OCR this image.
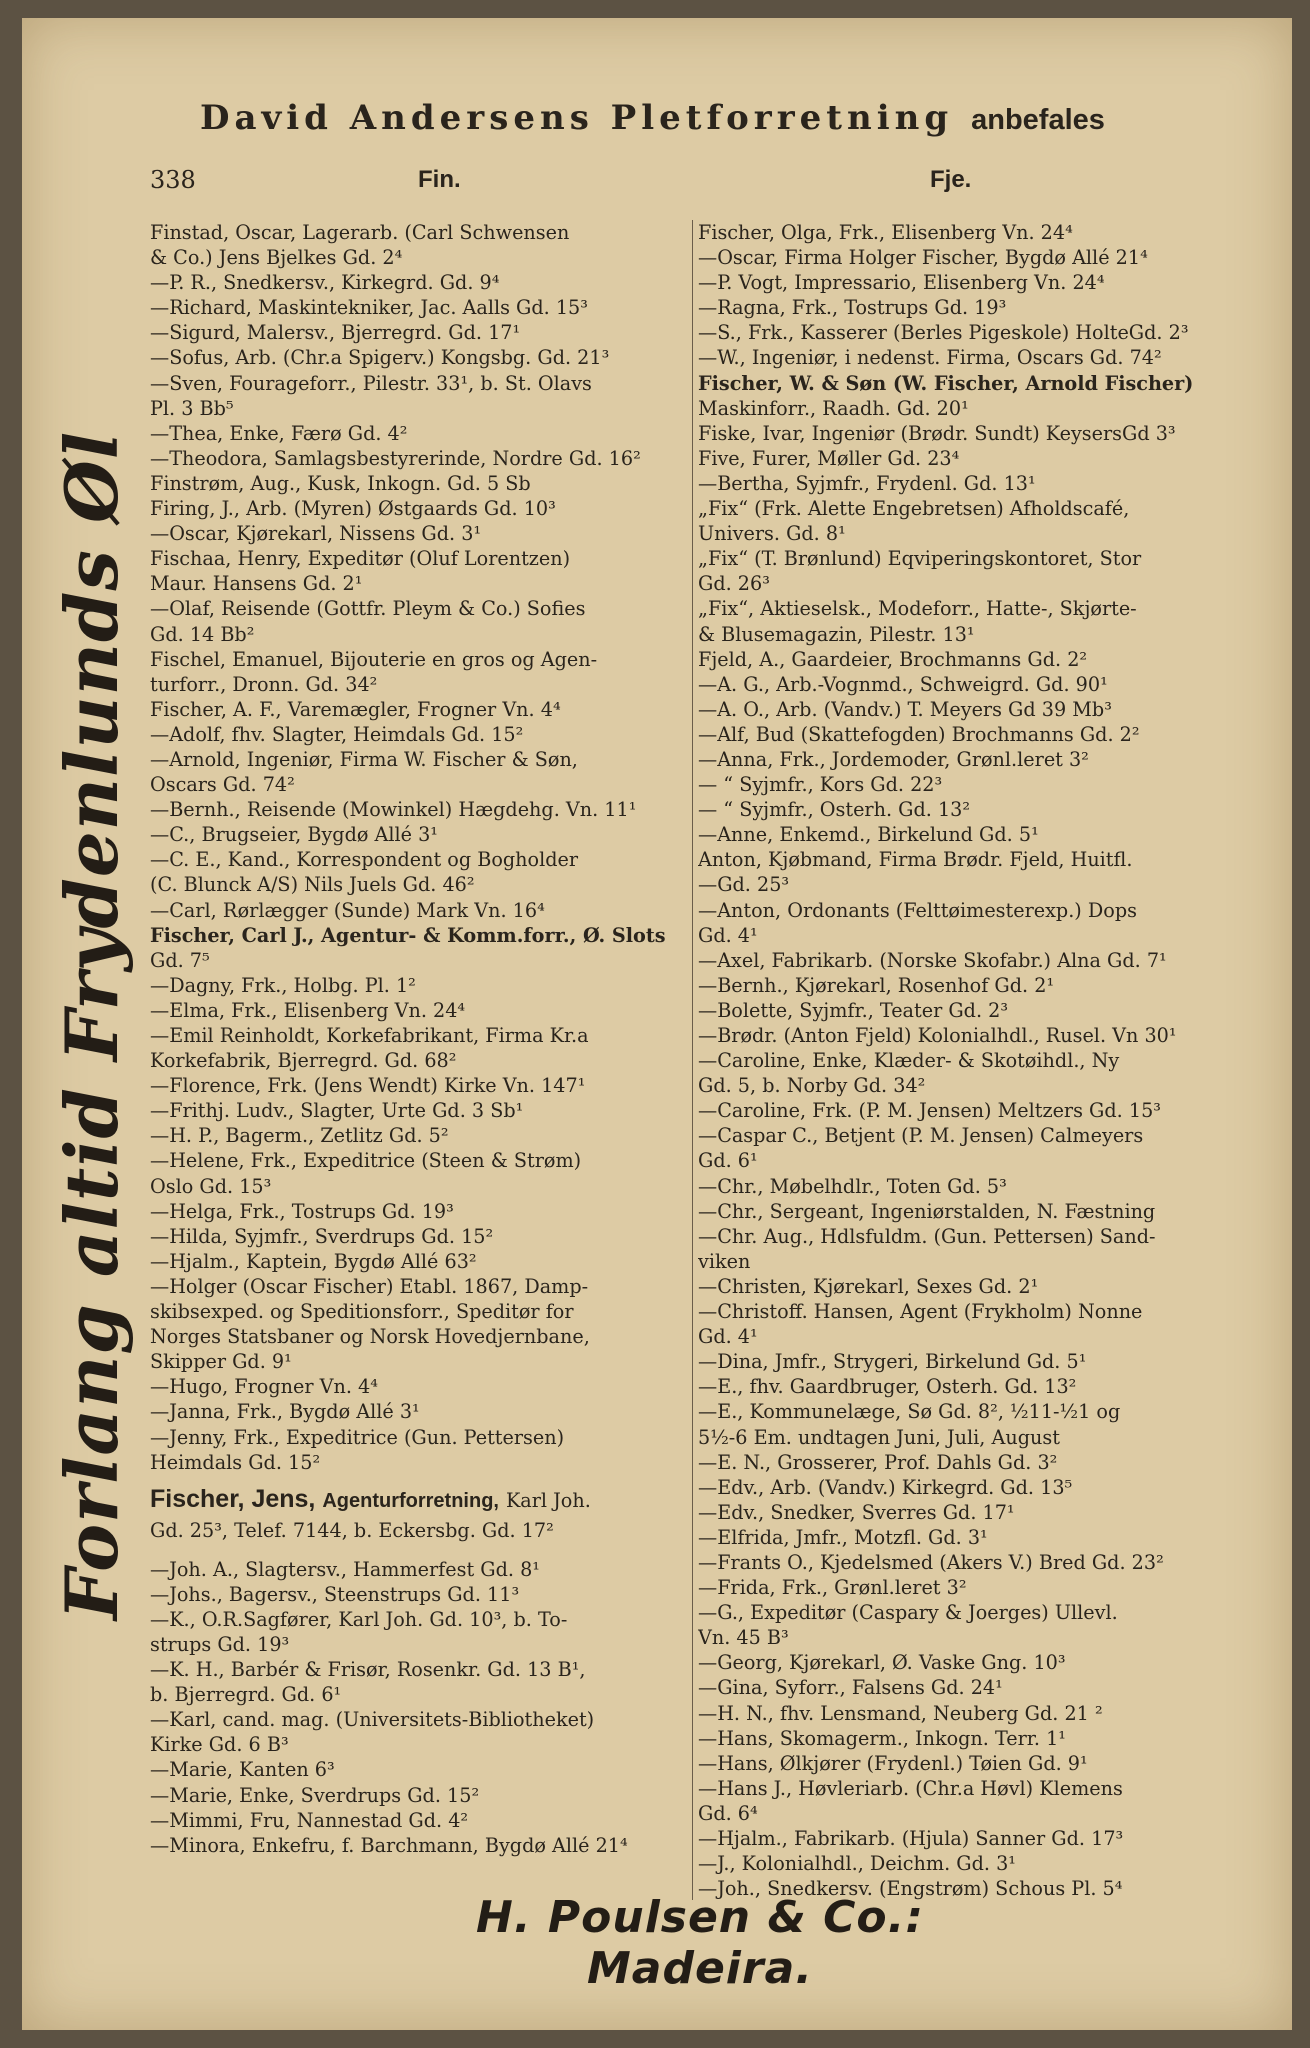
David Andersens Pletforretning anbefales
338	Fin.	Fje.
Forlang altid Frydenlunds Øl
Finstad, Oscar, Lagerarb. (Carl Schwensen
& Co.) Jens Bjelkes Gd. 2⁴
—P. R., Snedkersv., Kirkegrd. Gd. 9⁴
—Richard, Maskintekniker, Jac. Aalls Gd. 15³
—Sigurd, Malersv., Bjerregrd. Gd. 17¹
—Sofus, Arb. (Chr.a Spigerv.) Kongsbg. Gd. 21³
—Sven, Fourageforr., Pilestr. 33¹, b. St. Olavs
Pl. 3 Bb⁵
—Thea, Enke, Færø Gd. 4²
—Theodora, Samlagsbestyrerinde, Nordre Gd. 16²
Finstrøm, Aug., Kusk, Inkogn. Gd. 5 Sb
Firing, J., Arb. (Myren) Østgaards Gd. 10³
—Oscar, Kjørekarl, Nissens Gd. 3¹
Fischaa, Henry, Expeditør (Oluf Lorentzen)
Maur. Hansens Gd. 2¹
—Olaf, Reisende (Gottfr. Pleym & Co.) Sofies
Gd. 14 Bb²
Fischel, Emanuel, Bijouterie en gros og Agen-
turforr., Dronn. Gd. 34²
Fischer, A. F., Varemægler, Frogner Vn. 4⁴
—Adolf, fhv. Slagter, Heimdals Gd. 15²
—Arnold, Ingeniør, Firma W. Fischer & Søn,
Oscars Gd. 74²
—Bernh., Reisende (Mowinkel) Hægdehg. Vn. 11¹
—C., Brugseier, Bygdø Allé 3¹
—C. E., Kand., Korrespondent og Bogholder
(C. Blunck A/S) Nils Juels Gd. 46²
—Carl, Rørlægger (Sunde) Mark Vn. 16⁴
Fischer, Carl J., Agentur- & Komm.forr., Ø. Slots
Gd. 7⁵
—Dagny, Frk., Holbg. Pl. 1²
—Elma, Frk., Elisenberg Vn. 24⁴
—Emil Reinholdt, Korkefabrikant, Firma Kr.a
Korkefabrik, Bjerregrd. Gd. 68²
—Florence, Frk. (Jens Wendt) Kirke Vn. 147¹
—Frithj. Ludv., Slagter, Urte Gd. 3 Sb¹
—H. P., Bagerm., Zetlitz Gd. 5²
—Helene, Frk., Expeditrice (Steen & Strøm)
Oslo Gd. 15³
—Helga, Frk., Tostrups Gd. 19³
—Hilda, Syjmfr., Sverdrups Gd. 15²
—Hjalm., Kaptein, Bygdø Allé 63²
—Holger (Oscar Fischer) Etabl. 1867, Damp-
skibsexped. og Speditionsforr., Speditør for
Norges Statsbaner og Norsk Hovedjernbane,
Skipper Gd. 9¹
—Hugo, Frogner Vn. 4⁴
—Janna, Frk., Bygdø Allé 3¹
—Jenny, Frk., Expeditrice (Gun. Pettersen)
Heimdals Gd. 15²
Fischer, Jens, Agenturforretning, Karl Joh.
Gd. 25³, Telef. 7144, b. Eckersbg. Gd. 17²
—Joh. A., Slagtersv., Hammerfest Gd. 8¹
—Johs., Bagersv., Steenstrups Gd. 11³
—K., O.R.Sagfører, Karl Joh. Gd. 10³, b. To-
strups Gd. 19³
—K. H., Barbér & Frisør, Rosenkr. Gd. 13 B¹,
b. Bjerregrd. Gd. 6¹
—Karl, cand. mag. (Universitets-Bibliotheket)
Kirke Gd. 6 B³
—Marie, Kanten 6³
—Marie, Enke, Sverdrups Gd. 15²
—Mimmi, Fru, Nannestad Gd. 4²
—Minora, Enkefru, f. Barchmann, Bygdø Allé 21⁴
Fischer, Olga, Frk., Elisenberg Vn. 24⁴
—Oscar, Firma Holger Fischer, Bygdø Allé 21⁴
—P. Vogt, Impressario, Elisenberg Vn. 24⁴
—Ragna, Frk., Tostrups Gd. 19³
—S., Frk., Kasserer (Berles Pigeskole) HolteGd. 2³
—W., Ingeniør, i nedenst. Firma, Oscars Gd. 74²
Fischer, W. & Søn (W. Fischer, Arnold Fischer)
Maskinforr., Raadh. Gd. 20¹
Fiske, Ivar, Ingeniør (Brødr. Sundt) KeysersGd 3³
Five, Furer, Møller Gd. 23⁴
—Bertha, Syjmfr., Frydenl. Gd. 13¹
„Fix“ (Frk. Alette Engebretsen) Afholdscafé,
Univers. Gd. 8¹
„Fix“ (T. Brønlund) Eqviperingskontoret, Stor
Gd. 26³
„Fix“, Aktieselsk., Modeforr., Hatte-, Skjørte-
& Blusemagazin, Pilestr. 13¹
Fjeld, A., Gaardeier, Brochmanns Gd. 2²
—A. G., Arb.-Vognmd., Schweigrd. Gd. 90¹
—A. O., Arb. (Vandv.) T. Meyers Gd 39 Mb³
—Alf, Bud (Skattefogden) Brochmanns Gd. 2²
—Anna, Frk., Jordemoder, Grønl.leret 3²
— “ Syjmfr., Kors Gd. 22³
— “ Syjmfr., Osterh. Gd. 13²
—Anne, Enkemd., Birkelund Gd. 5¹
Anton, Kjøbmand, Firma Brødr. Fjeld, Huitfl.
—Gd. 25³
—Anton, Ordonants (Felttøimesterexp.) Dops
Gd. 4¹
—Axel, Fabrikarb. (Norske Skofabr.) Alna Gd. 7¹
—Bernh., Kjørekarl, Rosenhof Gd. 2¹
—Bolette, Syjmfr., Teater Gd. 2³
—Brødr. (Anton Fjeld) Kolonialhdl., Rusel. Vn 30¹
—Caroline, Enke, Klæder- & Skotøihdl., Ny
Gd. 5, b. Norby Gd. 34²
—Caroline, Frk. (P. M. Jensen) Meltzers Gd. 15³
—Caspar C., Betjent (P. M. Jensen) Calmeyers
Gd. 6¹
—Chr., Møbelhdlr., Toten Gd. 5³
—Chr., Sergeant, Ingeniørstalden, N. Fæstning
—Chr. Aug., Hdlsfuldm. (Gun. Pettersen) Sand-
viken
—Christen, Kjørekarl, Sexes Gd. 2¹
—Christoff. Hansen, Agent (Frykholm) Nonne
Gd. 4¹
—Dina, Jmfr., Strygeri, Birkelund Gd. 5¹
—E., fhv. Gaardbruger, Osterh. Gd. 13²
—E., Kommunelæge, Sø Gd. 8², ½11-½1 og
5½-6 Em. undtagen Juni, Juli, August
—E. N., Grosserer, Prof. Dahls Gd. 3²
—Edv., Arb. (Vandv.) Kirkegrd. Gd. 13⁵
—Edv., Snedker, Sverres Gd. 17¹
—Elfrida, Jmfr., Motzfl. Gd. 3¹
—Frants O., Kjedelsmed (Akers V.) Bred Gd. 23²
—Frida, Frk., Grønl.leret 3²
—G., Expeditør (Caspary & Joerges) Ullevl.
Vn. 45 B³
—Georg, Kjørekarl, Ø. Vaske Gng. 10³
—Gina, Syforr., Falsens Gd. 24¹
—H. N., fhv. Lensmand, Neuberg Gd. 21 ²
—Hans, Skomagerm., Inkogn. Terr. 1¹
—Hans, Ølkjører (Frydenl.) Tøien Gd. 9¹
—Hans J., Høvleriarb. (Chr.a Høvl) Klemens
Gd. 6⁴
—Hjalm., Fabrikarb. (Hjula) Sanner Gd. 17³
—J., Kolonialhdl., Deichm. Gd. 3¹
—Joh., Snedkersv. (Engstrøm) Schous Pl. 5⁴
H. Poulsen & Co.: Madeira.
